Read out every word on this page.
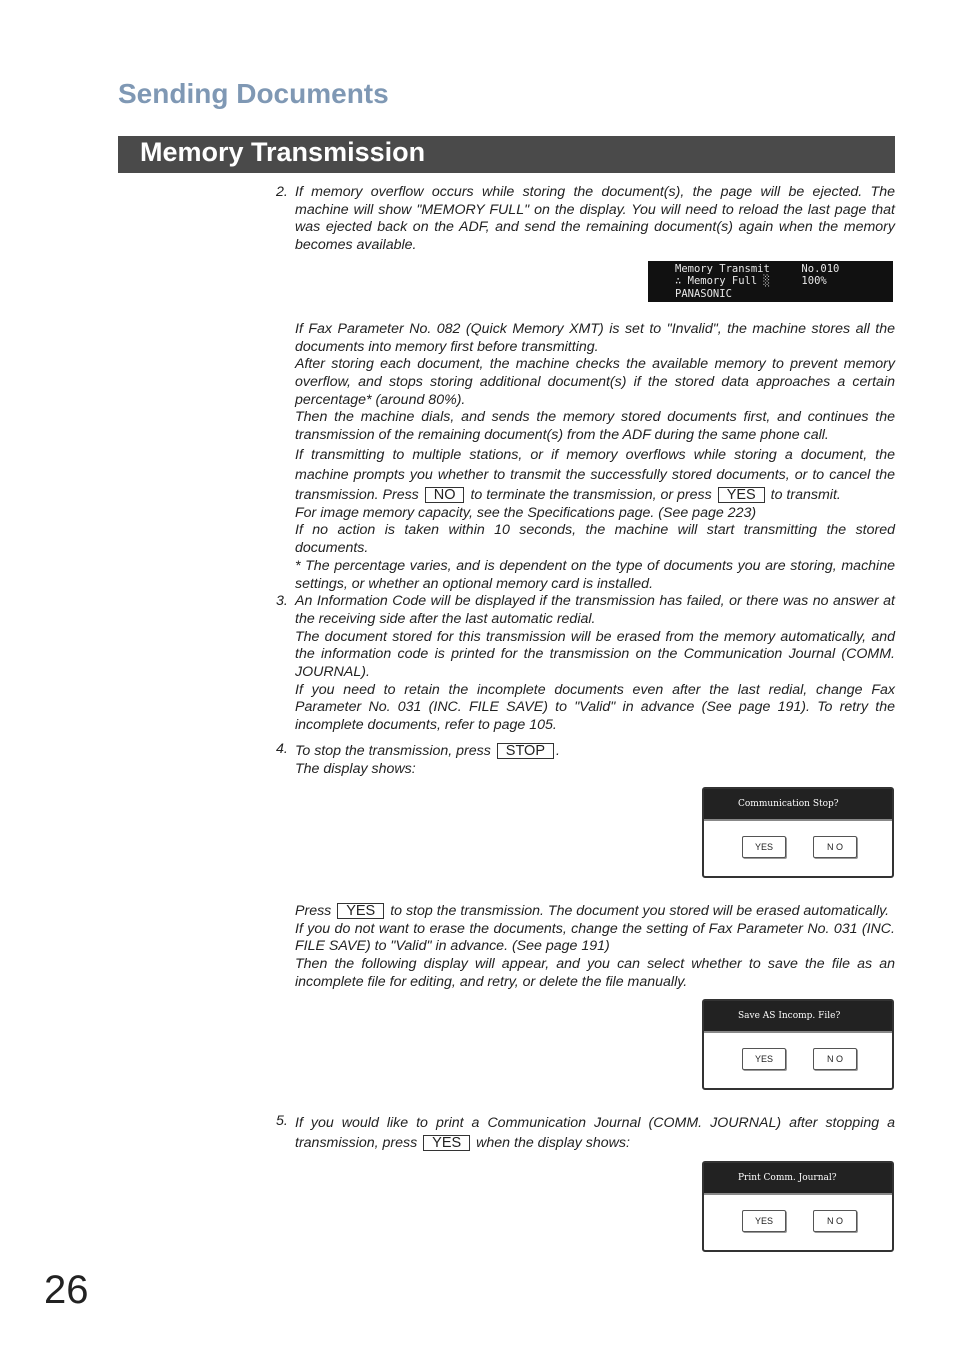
Sending Documents
Memory Transmission
2. If memory overflow occurs while storing the document(s), the page will be ejected. The machine will show "MEMORY FULL" on the display. You will need to reload the last page that was ejected back on the ADF, and send the remaining document(s) again when the memory becomes available.

Memory Transmit     No.010
∴ Memory Full ░     100%
PANASONIC

If Fax Parameter No. 082 (Quick Memory XMT) is set to "Invalid", the machine stores all the documents into memory first before transmitting.

After storing each document, the machine checks the available memory to prevent memory overflow, and stops storing additional document(s) if the stored data approaches a certain percentage* (around 80%).

Then the machine dials, and sends the memory stored documents first, and continues the transmission of the remaining document(s) from the ADF during the same phone call.

If transmitting to multiple stations, or if memory overflows while storing a document, the machine prompts you whether to transmit the successfully stored documents, or to cancel the transmission. Press NO to terminate the transmission, or press YES to transmit.

For image memory capacity, see the Specifications page. (See page 223)

If no action is taken within 10 seconds, the machine will start transmitting the stored documents.

* The percentage varies, and is dependent on the type of documents you are storing, machine settings, or whether an optional memory card is installed.

3. An Information Code will be displayed if the transmission has failed, or there was no answer at the receiving side after the last automatic redial.

The document stored for this transmission will be erased from the memory automatically, and the information code is printed for the transmission on the Communication Journal (COMM. JOURNAL).

If you need to retain the incomplete documents even after the last redial, change Fax Parameter No. 031 (INC. FILE SAVE) to "Valid" in advance (See page 191). To retry the incomplete documents, refer to page 105.

4. To stop the transmission, press STOP .

The display shows:

Communication Stop?
YES	N O

Press YES to stop the transmission. The document you stored will be erased automatically.

If you do not want to erase the documents, change the setting of Fax Parameter No. 031 (INC. FILE SAVE) to "Valid" in advance. (See page 191)

Then the following display will appear, and you can select whether to save the file as an incomplete file for editing, and retry, or delete the file manually.

Save AS Incomp. File?
YES	N O
5. If you would like to print a Communication Journal (COMM. JOURNAL) after stopping a transmission, press YES when the display shows:

Print Comm. Journal?
YES	N O
26
